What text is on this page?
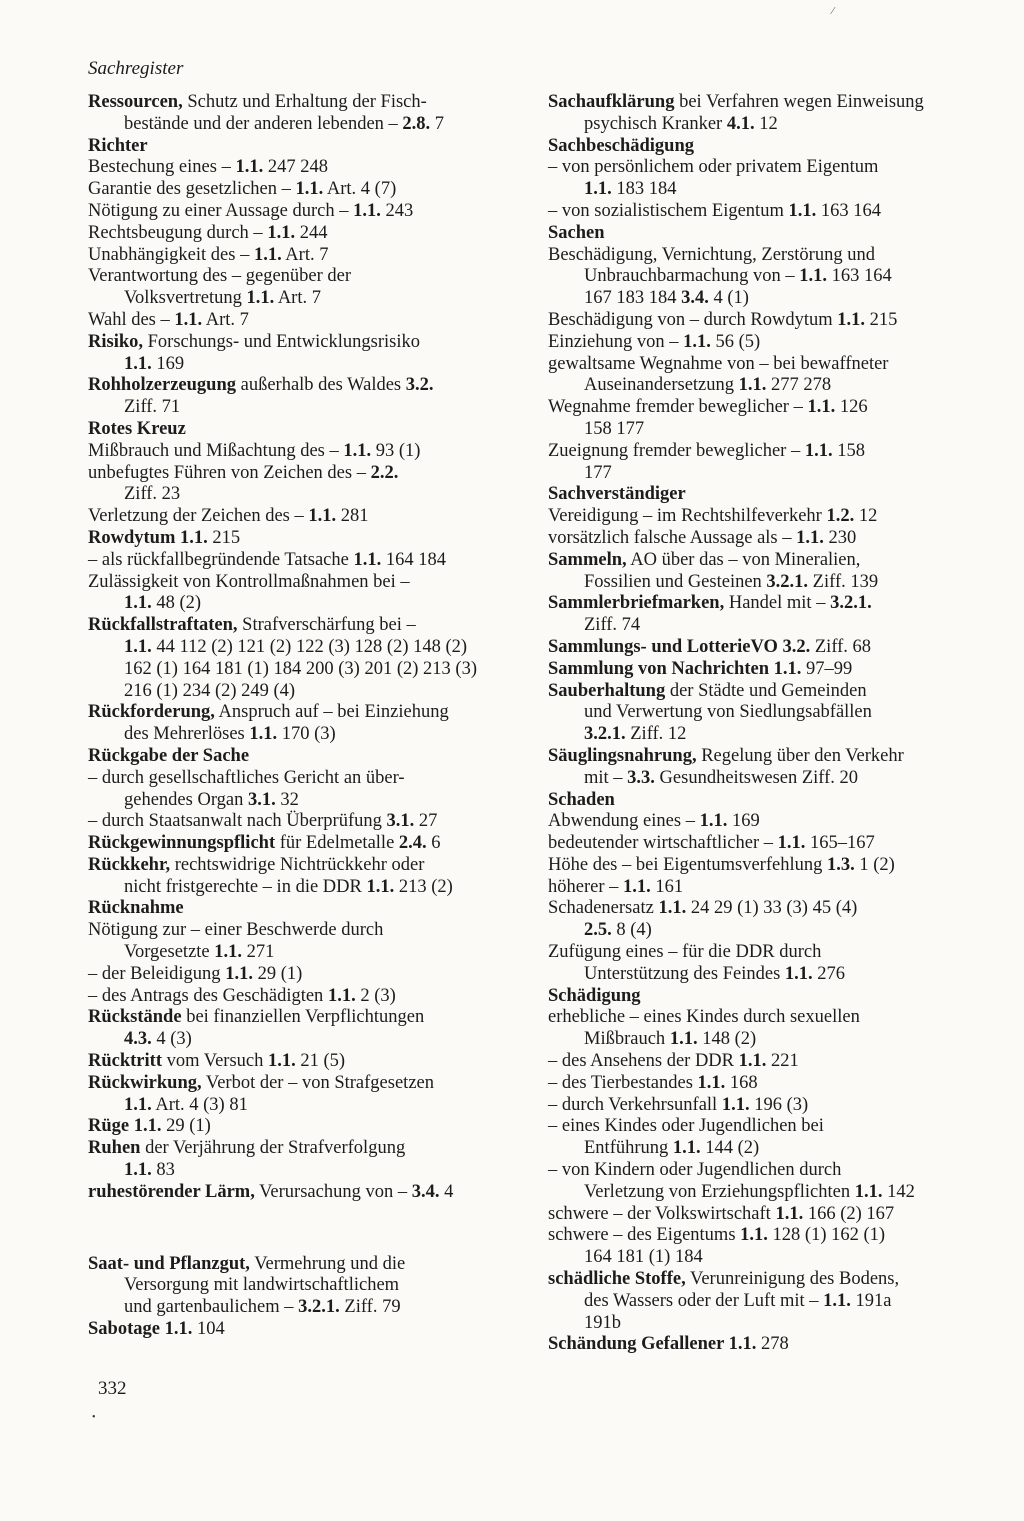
Sachregister
Ressourcen, Schutz und Erhaltung der Fisch-
bestände und der anderen lebenden – 2.8. 7
Richter
Bestechung eines – 1.1. 247 248
Garantie des gesetzlichen – 1.1. Art. 4 (7)
Nötigung zu einer Aussage durch – 1.1. 243
Rechtsbeugung durch – 1.1. 244
Unabhängigkeit des – 1.1. Art. 7
Verantwortung des – gegenüber der
Volksvertretung 1.1. Art. 7
Wahl des – 1.1. Art. 7
Risiko, Forschungs- und Entwicklungsrisiko
1.1. 169
Rohholzerzeugung außerhalb des Waldes 3.2.
Ziff. 71
Rotes Kreuz
Mißbrauch und Mißachtung des – 1.1. 93 (1)
unbefugtes Führen von Zeichen des – 2.2.
Ziff. 23
Verletzung der Zeichen des – 1.1. 281
Rowdytum 1.1. 215
– als rückfallbegründende Tatsache 1.1. 164 184
Zulässigkeit von Kontrollmaßnahmen bei –
1.1. 48 (2)
Rückfallstraftaten, Strafverschärfung bei –
1.1. 44 112 (2) 121 (2) 122 (3) 128 (2) 148 (2)
162 (1) 164 181 (1) 184 200 (3) 201 (2) 213 (3)
216 (1) 234 (2) 249 (4)
Rückforderung, Anspruch auf – bei Einziehung
des Mehrerlöses 1.1. 170 (3)
Rückgabe der Sache
– durch gesellschaftliches Gericht an über-
gehendes Organ 3.1. 32
– durch Staatsanwalt nach Überprüfung 3.1. 27
Rückgewinnungspflicht für Edelmetalle 2.4. 6
Rückkehr, rechtswidrige Nichtrückkehr oder
nicht fristgerechte – in die DDR 1.1. 213 (2)
Rücknahme
Nötigung zur – einer Beschwerde durch
Vorgesetzte 1.1. 271
– der Beleidigung 1.1. 29 (1)
– des Antrags des Geschädigten 1.1. 2 (3)
Rückstände bei finanziellen Verpflichtungen
4.3. 4 (3)
Rücktritt vom Versuch 1.1. 21 (5)
Rückwirkung, Verbot der – von Strafgesetzen
1.1. Art. 4 (3) 81
Rüge 1.1. 29 (1)
Ruhen der Verjährung der Strafverfolgung
1.1. 83
ruhestörender Lärm, Verursachung von – 3.4. 4
Saat- und Pflanzgut, Vermehrung und die
Versorgung mit landwirtschaftlichem
und gartenbaulichem – 3.2.1. Ziff. 79
Sabotage 1.1. 104
Sachaufklärung bei Verfahren wegen Einweisung
psychisch Kranker 4.1. 12
Sachbeschädigung
– von persönlichem oder privatem Eigentum
1.1. 183 184
– von sozialistischem Eigentum 1.1. 163 164
Sachen
Beschädigung, Vernichtung, Zerstörung und
Unbrauchbarmachung von – 1.1. 163 164
167 183 184 3.4. 4 (1)
Beschädigung von – durch Rowdytum 1.1. 215
Einziehung von – 1.1. 56 (5)
gewaltsame Wegnahme von – bei bewaffneter
Auseinandersetzung 1.1. 277 278
Wegnahme fremder beweglicher – 1.1. 126
158 177
Zueignung fremder beweglicher – 1.1. 158
177
Sachverständiger
Vereidigung – im Rechtshilfeverkehr 1.2. 12
vorsätzlich falsche Aussage als – 1.1. 230
Sammeln, AO über das – von Mineralien,
Fossilien und Gesteinen 3.2.1. Ziff. 139
Sammlerbriefmarken, Handel mit – 3.2.1.
Ziff. 74
Sammlungs- und LotterieVO 3.2. Ziff. 68
Sammlung von Nachrichten 1.1. 97–99
Sauberhaltung der Städte und Gemeinden
und Verwertung von Siedlungsabfällen
3.2.1. Ziff. 12
Säuglingsnahrung, Regelung über den Verkehr
mit – 3.3. Gesundheitswesen Ziff. 20
Schaden
Abwendung eines – 1.1. 169
bedeutender wirtschaftlicher – 1.1. 165–167
Höhe des – bei Eigentumsverfehlung 1.3. 1 (2)
höherer – 1.1. 161
Schadenersatz 1.1. 24 29 (1) 33 (3) 45 (4)
2.5. 8 (4)
Zufügung eines – für die DDR durch
Unterstützung des Feindes 1.1. 276
Schädigung
erhebliche – eines Kindes durch sexuellen
Mißbrauch 1.1. 148 (2)
– des Ansehens der DDR 1.1. 221
– des Tierbestandes 1.1. 168
– durch Verkehrsunfall 1.1. 196 (3)
– eines Kindes oder Jugendlichen bei
Entführung 1.1. 144 (2)
– von Kindern oder Jugendlichen durch
Verletzung von Erziehungspflichten 1.1. 142
schwere – der Volkswirtschaft 1.1. 166 (2) 167
schwere – des Eigentums 1.1. 128 (1) 162 (1)
164 181 (1) 184
schädliche Stoffe, Verunreinigung des Bodens,
des Wassers oder der Luft mit – 1.1. 191a
191b
Schändung Gefallener 1.1. 278
332
⁄
•
